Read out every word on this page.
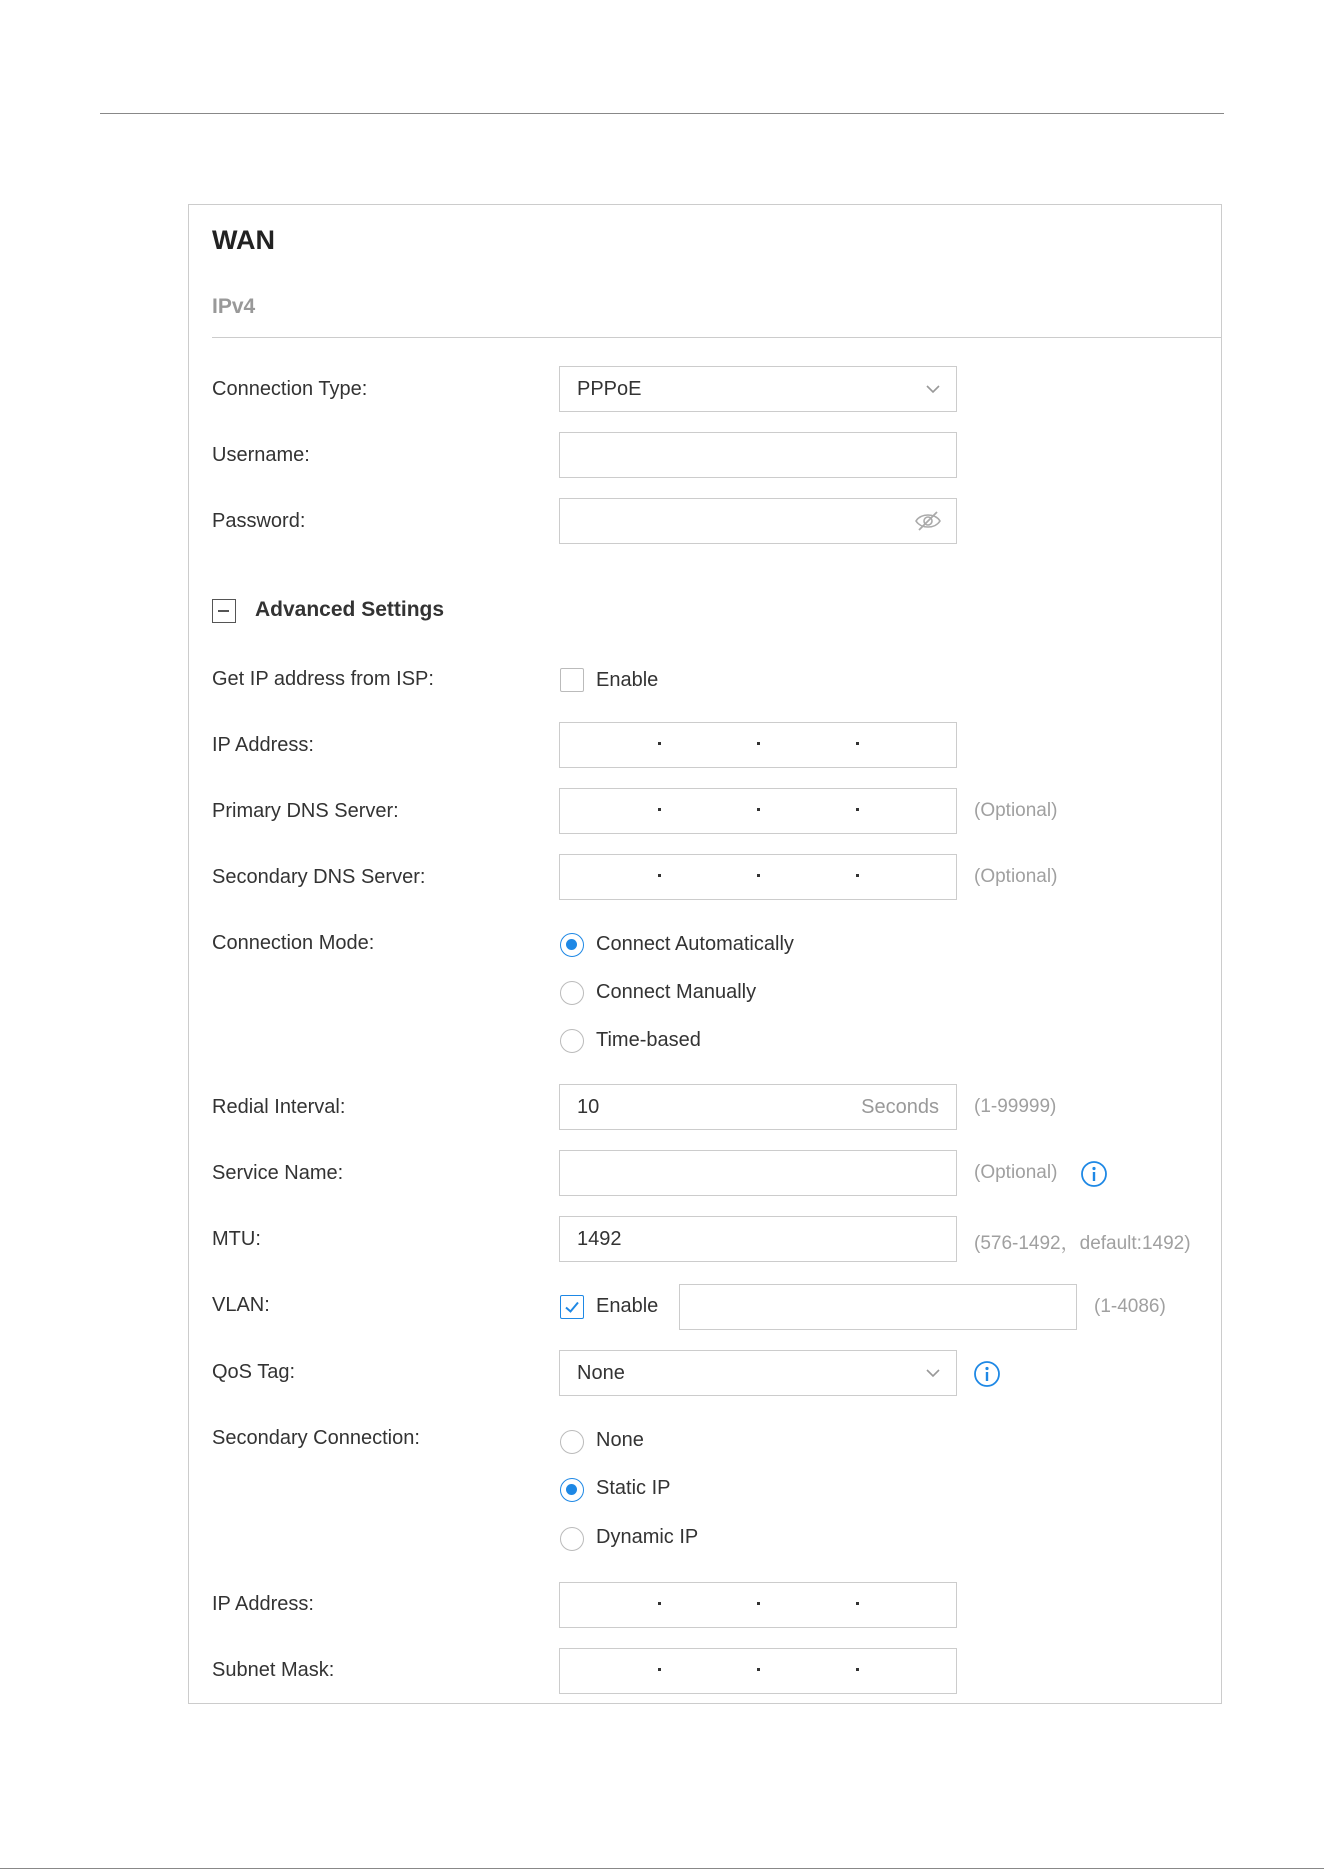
WAN
IPv4
Connection Type:	PPPoE
Username:
Password:
Advanced Settings
Get IP address from ISP:	Enable
IP Address:
Primary DNS Server:	(Optional)
Secondary DNS Server:	(Optional)
Connection Mode:	Connect Automatically
Connect Manually
Time-based
Redial Interval:	10	Seconds (1-99999)
Service Name:	(Optional)
MTU:	1492	(576-1492，default:1492)
VLAN:	Enable	(1-4086)
QoS Tag:	None
Secondary Connection:	None
Static IP
Dynamic IP
IP Address:
Subnet Mask:
